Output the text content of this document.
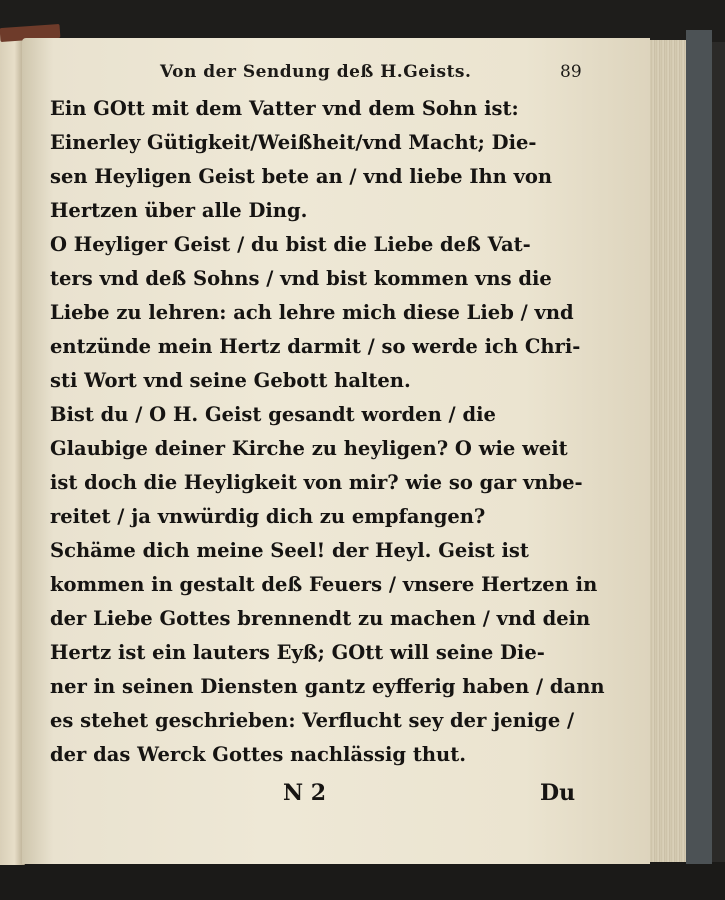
Von der Sendung deß H.Geists.	89
Ein GOtt mit dem Vatter vnd dem Sohn ist:
Einerley Gütigkeit/Weißheit/vnd Macht; Die-
sen Heyligen Geist bete an / vnd liebe Ihn von
Hertzen über alle Ding.
O Heyliger Geist / du bist die Liebe deß Vat-
ters vnd deß Sohns / vnd bist kommen vns die
Liebe zu lehren: ach lehre mich diese Lieb / vnd
entzünde mein Hertz darmit / so werde ich Chri-
sti Wort vnd seine Gebott halten.
Bist du / O H. Geist gesandt worden / die
Glaubige deiner Kirche zu heyligen? O wie weit
ist doch die Heyligkeit von mir? wie so gar vnbe-
reitet / ja vnwürdig dich zu empfangen?
Schäme dich meine Seel! der Heyl. Geist ist
kommen in gestalt deß Feuers / vnsere Hertzen in
der Liebe Gottes brennendt zu machen / vnd dein
Hertz ist ein lauters Eyß; GOtt will seine Die-
ner in seinen Diensten gantz eyfferig haben / dann
es stehet geschrieben: Verflucht sey der jenige /
der das Werck Gottes nachlässig thut.
N 2	Du
